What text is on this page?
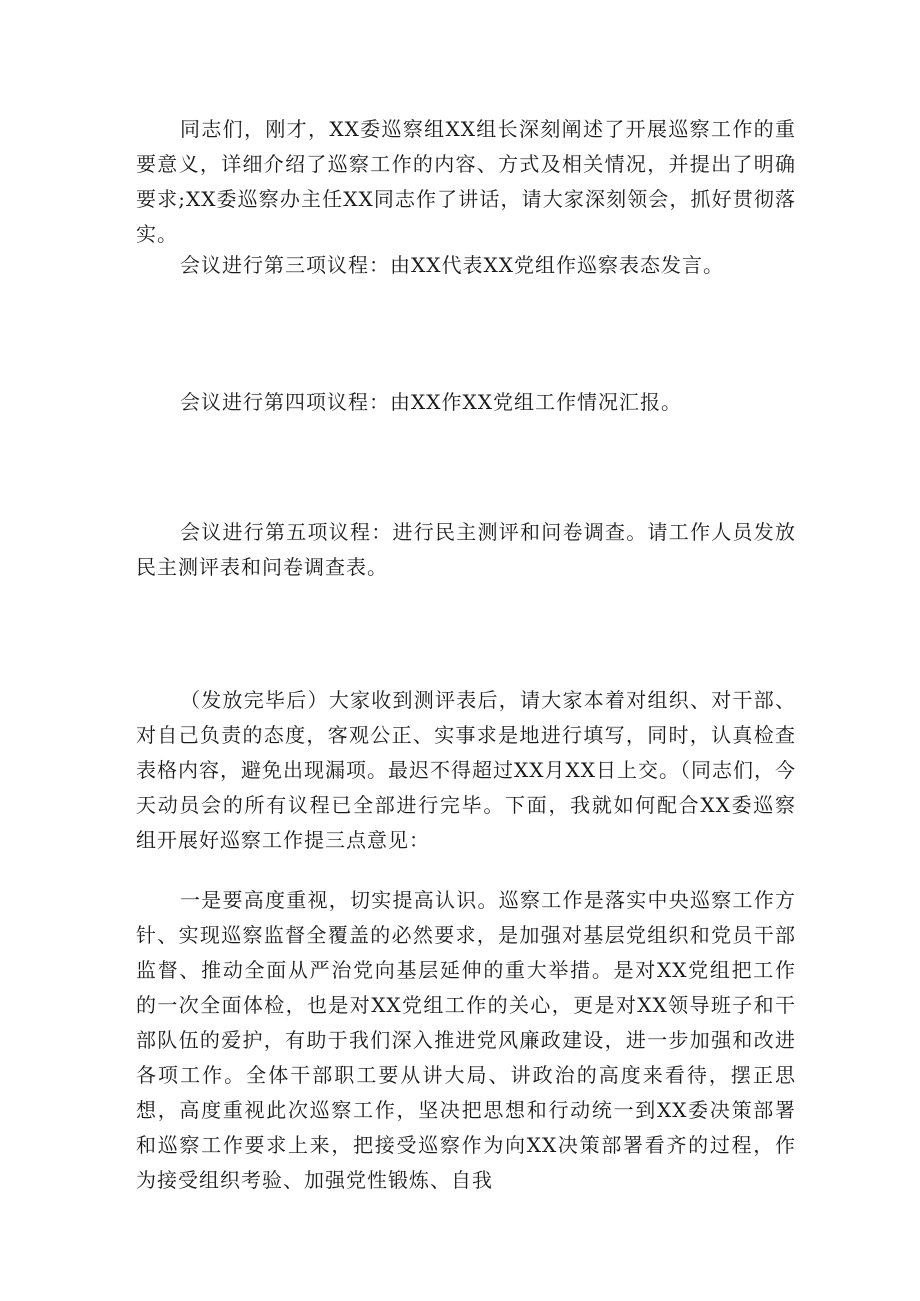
同志们，刚才，XX委巡察组XX组长深刻阐述了开展巡察工作的重要意义，详细介绍了巡察工作的内容、方式及相关情况，并提出了明确要求;XX委巡察办主任XX同志作了讲话，请大家深刻领会，抓好贯彻落实。

会议进行第三项议程：由XX代表XX党组作巡察表态发言。

会议进行第四项议程：由XX作XX党组工作情况汇报。

会议进行第五项议程：进行民主测评和问卷调查。请工作人员发放民主测评表和问卷调查表。

（发放完毕后）大家收到测评表后，请大家本着对组织、对干部、对自己负责的态度，客观公正、实事求是地进行填写，同时，认真检查表格内容，避免出现漏项。最迟不得超过XX月XX日上交。（同志们，今天动员会的所有议程已全部进行完毕。下面，我就如何配合XX委巡察组开展好巡察工作提三点意见：

一是要高度重视，切实提高认识。巡察工作是落实中央巡察工作方针、实现巡察监督全覆盖的必然要求，是加强对基层党组织和党员干部监督、推动全面从严治党向基层延伸的重大举措。是对XX党组把工作的一次全面体检，也是对XX党组工作的关心，更是对XX领导班子和干部队伍的爱护，有助于我们深入推进党风廉政建设，进一步加强和改进各项工作。全体干部职工要从讲大局、讲政治的高度来看待，摆正思想，高度重视此次巡察工作，坚决把思想和行动统一到XX委决策部署和巡察工作要求上来，把接受巡察作为向XX决策部署看齐的过程，作为接受组织考验、加强党性锻炼、自我
